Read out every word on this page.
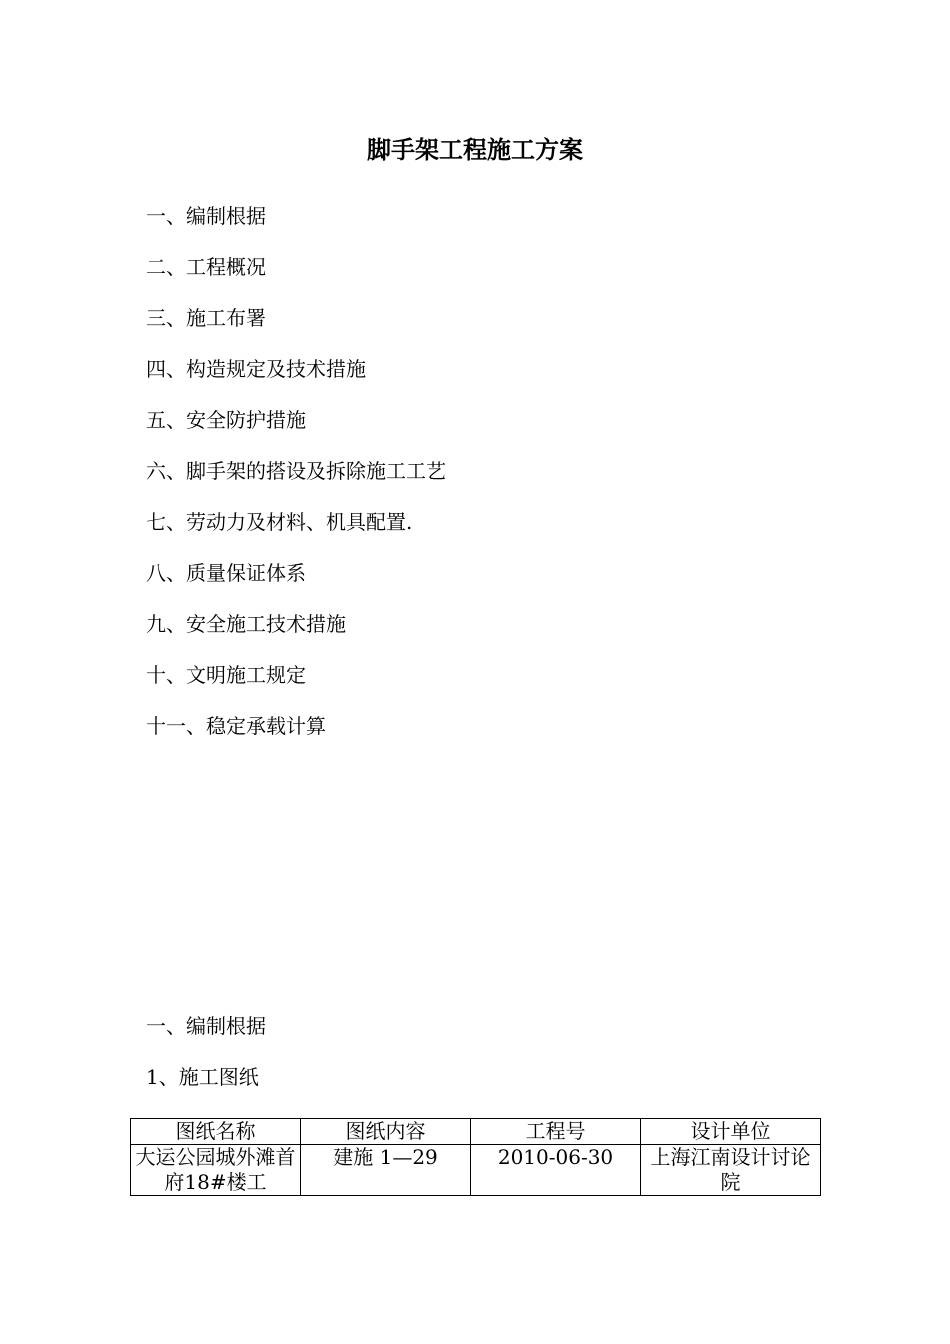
脚手架工程施工方案
一、编制根据
二、工程概况
三、施工布署
四、构造规定及技术措施
五、安全防护措施
六、脚手架的搭设及拆除施工工艺
七、劳动力及材料、机具配置.
八、质量保证体系
九、安全施工技术措施
十、文明施工规定
十一、稳定承载计算

一、编制根据

1、施工图纸

图纸名称	图纸内容	工程号	设计单位
大运公园城外滩首府18#楼工	建施 1—29	2010-06-30	上海江南设计讨论院
